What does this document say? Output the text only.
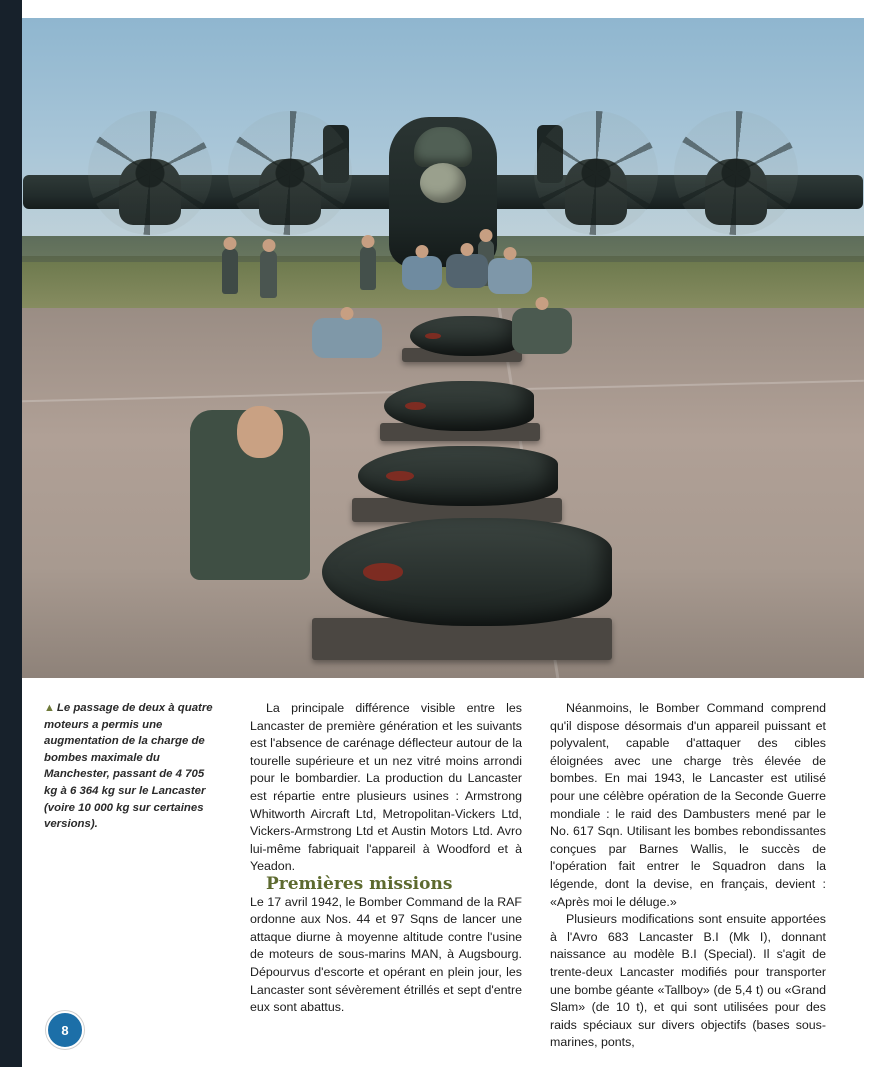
▲ Le passage de deux à quatre moteurs a permis une augmentation de la charge de bombes maximale du Manchester, passant de 4 705 kg à 6 364 kg sur le Lancaster (voire 10 000 kg sur certaines versions).

La principale différence visible entre les Lancaster de première génération et les suivants est l'absence de carénage déflecteur autour de la tourelle supérieure et un nez vitré moins arrondi pour le bombardier. La production du Lancaster est répartie entre plusieurs usines : Armstrong Whitworth Aircraft Ltd, Metropolitan-Vickers Ltd, Vickers-Armstrong Ltd et Austin Motors Ltd. Avro lui-même fabriquait l'appareil à Woodford et à Yeadon.

Premières missions

Le 17 avril 1942, le Bomber Command de la RAF ordonne aux Nos. 44 et 97 Sqns de lancer une attaque diurne à moyenne altitude contre l'usine de moteurs de sous-marins MAN, à Augsbourg. Dépourvus d'escorte et opérant en plein jour, les Lancaster sont sévèrement étrillés et sept d'entre eux sont abattus.

Néanmoins, le Bomber Command comprend qu'il dispose désormais d'un appareil puissant et polyvalent, capable d'attaquer des cibles éloignées avec une charge très élevée de bombes. En mai 1943, le Lancaster est utilisé pour une célèbre opération de la Seconde Guerre mondiale : le raid des Dambusters mené par le No. 617 Sqn. Utilisant les bombes rebondissantes conçues par Barnes Wallis, le succès de l'opération fait entrer le Squadron dans la légende, dont la devise, en français, devient : «Après moi le déluge.»

Plusieurs modifications sont ensuite apportées à l'Avro 683 Lancaster B.I (Mk I), donnant naissance au modèle B.I (Special). Il s'agit de trente-deux Lancaster modifiés pour transporter une bombe géante «Tallboy» (de 5,4 t) ou «Grand Slam» (de 10 t), et qui sont utilisées pour des raids spéciaux sur divers objectifs (bases sous-marines, ponts,

8
